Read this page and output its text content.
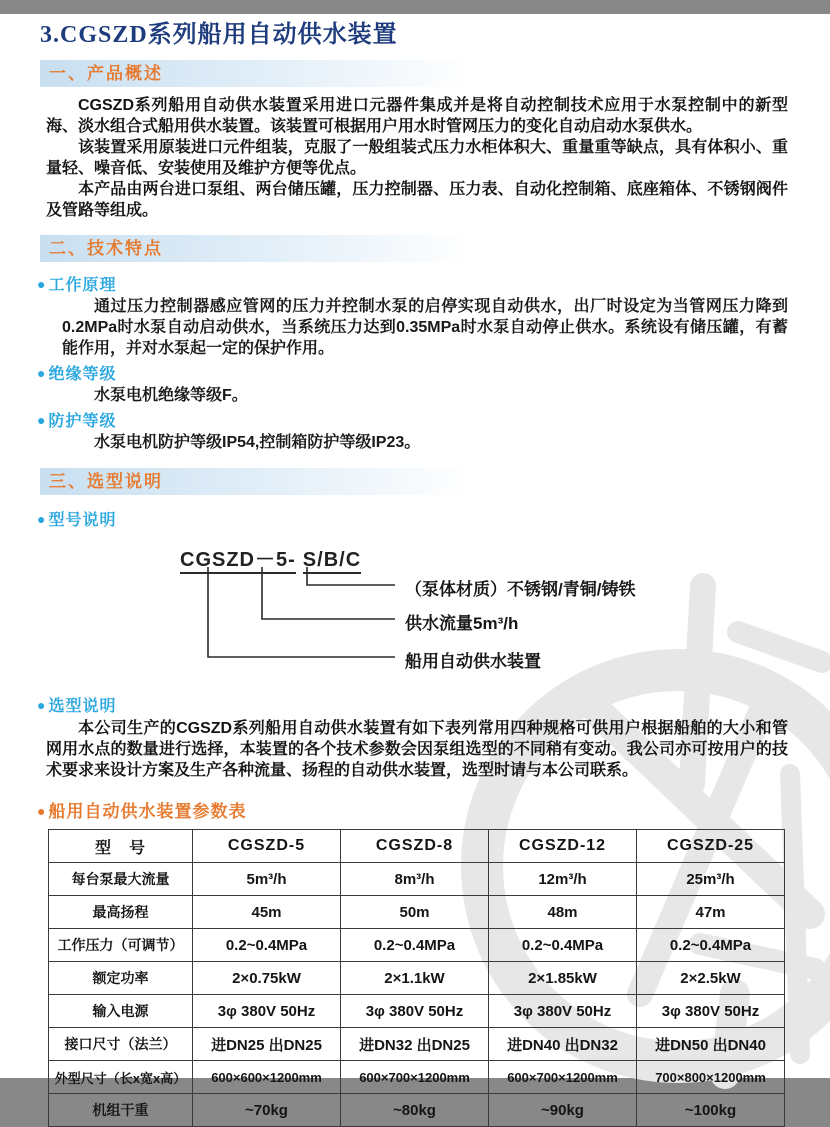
3.CGSZD系列船用自动供水装置
一、产品概述

CGSZD系列船用自动供水装置采用进口元器件集成并是将自动控制技术应用于水泵控制中的新型海、淡水组合式船用供水装置。该装置可根据用户用水时管网压力的变化自动启动水泵供水。

该装置采用原装进口元件组装，克服了一般组装式压力水柜体积大、重量重等缺点，具有体积小、重量轻、噪音低、安装使用及维护方便等优点。

本产品由两台进口泵组、两台储压罐，压力控制器、压力表、自动化控制箱、底座箱体、不锈钢阀件及管路等组成。

二、技术特点
● 工作原理

通过压力控制器感应管网的压力并控制水泵的启停实现自动供水，出厂时设定为当管网压力降到0.2MPa时水泵自动启动供水，当系统压力达到0.35MPa时水泵自动停止供水。系统设有储压罐，有蓄能作用，并对水泵起一定的保护作用。

● 绝缘等级

水泵电机绝缘等级F。

● 防护等级

水泵电机防护等级IP54,控制箱防护等级IP23。

三、选型说明
● 型号说明
CGSZD－5- S/B/C
（泵体材质）不锈钢/青铜/铸铁
供水流量5m³/h
船用自动供水装置
● 选型说明

本公司生产的CGSZD系列船用自动供水装置有如下表列常用四种规格可供用户根据船舶的大小和管网用水点的数量进行选择，本装置的各个技术参数会因泵组选型的不同稍有变动。我公司亦可按用户的技术要求来设计方案及生产各种流量、扬程的自动供水装置，选型时请与本公司联系。

● 船用自动供水装置参数表
型　号	CGSZD-5	CGSZD-8	CGSZD-12	CGSZD-25
每台泵最大流量	5m³/h	8m³/h	12m³/h	25m³/h
最高扬程	45m	50m	48m	47m
工作压力（可调节）	0.2~0.4MPa	0.2~0.4MPa	0.2~0.4MPa	0.2~0.4MPa
额定功率	2×0.75kW	2×1.1kW	2×1.85kW	2×2.5kW
输入电源	3φ 380V 50Hz	3φ 380V 50Hz	3φ 380V 50Hz	3φ 380V 50Hz
接口尺寸（法兰）	进DN25 出DN25	进DN32 出DN25	进DN40 出DN32	进DN50 出DN40
外型尺寸（长x宽x高）	600×600×1200mm	600×700×1200mm	600×700×1200mm	700×800×1200mm
机组干重	~70kg	~80kg	~90kg	~100kg
